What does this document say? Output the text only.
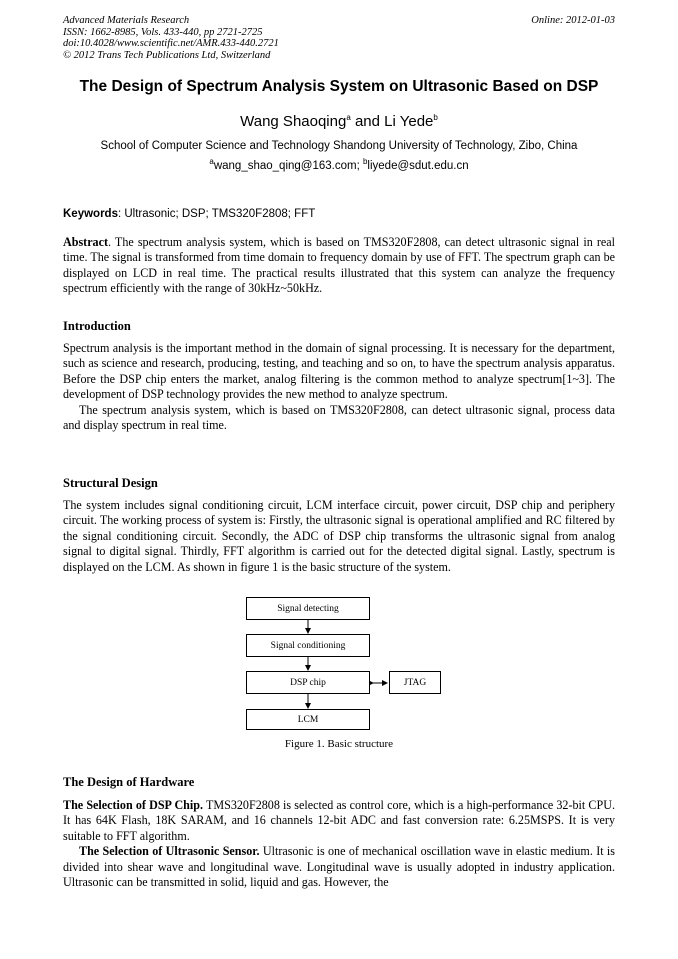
Advanced Materials Research
ISSN: 1662-8985, Vols. 433-440, pp 2721-2725
doi:10.4028/www.scientific.net/AMR.433-440.2721
© 2012 Trans Tech Publications Ltd, Switzerland
Online: 2012-01-03
The Design of Spectrum Analysis System on Ultrasonic Based on DSP
Wang Shaoqing$^a$ and Li Yede$^b$
School of Computer Science and Technology Shandong University of Technology, Zibo, China
$^a$wang_shao_qing@163.com; $^b$liyede@sdut.edu.cn
Keywords: Ultrasonic; DSP; TMS320F2808; FFT

Abstract. The spectrum analysis system, which is based on TMS320F2808, can detect ultrasonic signal in real time. The signal is transformed from time domain to frequency domain by use of FFT. The spectrum graph can be displayed on LCD in real time. The practical results illustrated that this system can analyze the frequency spectrum efficiently with the range of 30kHz~50kHz.

Introduction

Spectrum analysis is the important method in the domain of signal processing. It is necessary for the department, such as science and research, producing, testing, and teaching and so on, to have the spectrum analysis apparatus. Before the DSP chip enters the market, analog filtering is the common method to analyze spectrum[1~3]. The development of DSP technology provides the new method to analyze spectrum.

The spectrum analysis system, which is based on TMS320F2808, can detect ultrasonic signal, process data and display spectrum in real time.

Structural Design

The system includes signal conditioning circuit, LCM interface circuit, power circuit, DSP chip and periphery circuit. The working process of system is: Firstly, the ultrasonic signal is operational amplified and RC filtered by the signal conditioning circuit. Secondly, the ADC of DSP chip transforms the ultrasonic signal from analog signal to digital signal. Thirdly, FFT algorithm is carried out for the detected digital signal. Lastly, spectrum is displayed on the LCM. As shown in figure 1 is the basic structure of the system.

Signal detecting
Signal conditioning
DSP chip
LCM
JTAG
Figure 1. Basic structure
The Design of Hardware

The Selection of DSP Chip. TMS320F2808 is selected as control core, which is a high-performance 32-bit CPU. It has 64K Flash, 18K SARAM, and 16 channels 12-bit ADC and fast conversion rate: 6.25MSPS. It is very suitable to FFT algorithm.

The Selection of Ultrasonic Sensor. Ultrasonic is one of mechanical oscillation wave in elastic medium. It is divided into shear wave and longitudinal wave. Longitudinal wave is usually adopted in industry application. Ultrasonic can be transmitted in solid, liquid and gas. However, the
